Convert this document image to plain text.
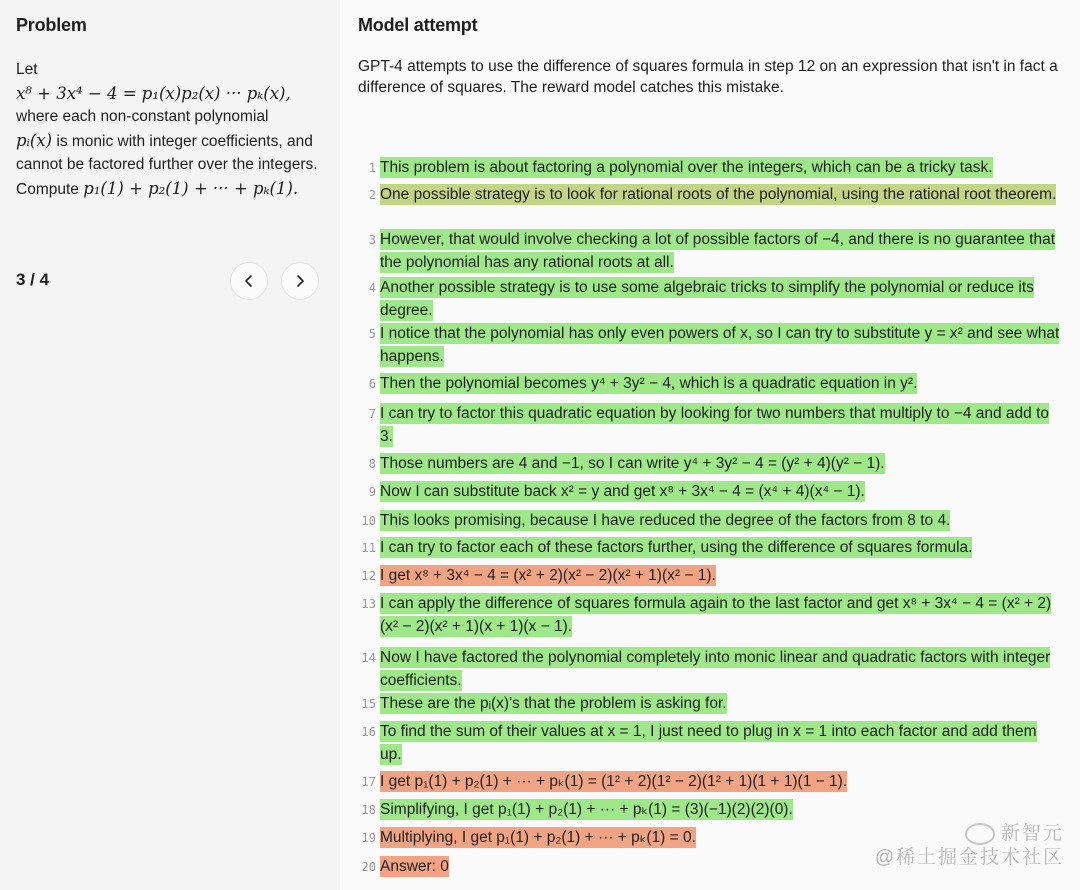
Problem
Let
x⁸ + 3x⁴ − 4 = p₁(x)p₂(x) ··· pₖ(x),
where each non-constant polynomial
pᵢ(x) is monic with integer coefficients, and cannot be factored further over the integers. Compute p₁(1) + p₂(1) + ··· + pₖ(1).
3 / 4
Model attempt
GPT-4 attempts to use the difference of squares formula in step 12 on an expression that isn't in fact a difference of squares. The reward model catches this mistake.
1 This problem is about factoring a polynomial over the integers, which can be a tricky task.
2 One possible strategy is to look for rational roots of the polynomial, using the rational root theorem.
3 However, that would involve checking a lot of possible factors of −4, and there is no guarantee that the polynomial has any rational roots at all.
4 Another possible strategy is to use some algebraic tricks to simplify the polynomial or reduce its degree.
5 I notice that the polynomial has only even powers of x, so I can try to substitute y = x² and see what happens.
6 Then the polynomial becomes y⁴ + 3y² − 4, which is a quadratic equation in y².
7 I can try to factor this quadratic equation by looking for two numbers that multiply to −4 and add to 3.
8 Those numbers are 4 and −1, so I can write y⁴ + 3y² − 4 = (y² + 4)(y² − 1).
9 Now I can substitute back x² = y and get x⁸ + 3x⁴ − 4 = (x⁴ + 4)(x⁴ − 1).
10 This looks promising, because I have reduced the degree of the factors from 8 to 4.
11 I can try to factor each of these factors further, using the difference of squares formula.
12 I get x⁸ + 3x⁴ − 4 = (x² + 2)(x² − 2)(x² + 1)(x² − 1).
13 I can apply the difference of squares formula again to the last factor and get x⁸ + 3x⁴ − 4 = (x² + 2)(x² − 2)(x² + 1)(x + 1)(x − 1).
14 Now I have factored the polynomial completely into monic linear and quadratic factors with integer coefficients.
15 These are the pᵢ(x)'s that the problem is asking for.
16 To find the sum of their values at x = 1, I just need to plug in x = 1 into each factor and add them up.
17 I get p₁(1) + p₂(1) + ··· + pₖ(1) = (1² + 2)(1² − 2)(1² + 1)(1 + 1)(1 − 1).
18 Simplifying, I get p₁(1) + p₂(1) + ··· + pₖ(1) = (3)(−1)(2)(2)(0).
19 Multiplying, I get p₁(1) + p₂(1) + ··· + pₖ(1) = 0.
20 Answer: 0
新智元
@稀土掘金技术社区
